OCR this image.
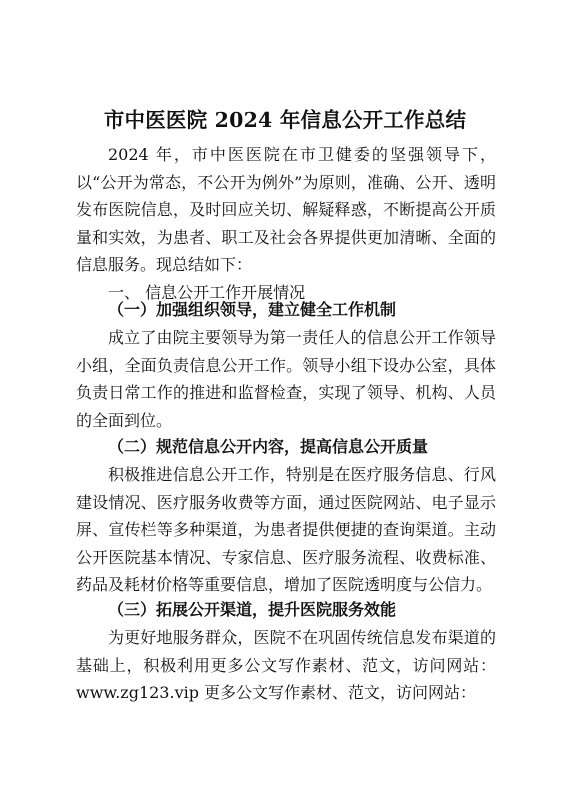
市中医医院 2024 年信息公开工作总结

2024 年，市中医医院在市卫健委的坚强领导下，以“公开为常态，不公开为例外”为原则，准确、公开、透明发布医院信息，及时回应关切、解疑释惑，不断提高公开质量和实效，为患者、职工及社会各界提供更加清晰、全面的信息服务。现总结如下：

一、 信息公开工作开展情况
（一）加强组织领导，建立健全工作机制

成立了由院主要领导为第一责任人的信息公开工作领导小组，全面负责信息公开工作。领导小组下设办公室，具体负责日常工作的推进和监督检查，实现了领导、机构、人员的全面到位。

（二）规范信息公开内容，提高信息公开质量

积极推进信息公开工作，特别是在医疗服务信息、行风建设情况、医疗服务收费等方面，通过医院网站、电子显示屏、宣传栏等多种渠道，为患者提供便捷的查询渠道。主动公开医院基本情况、专家信息、医疗服务流程、收费标准、药品及耗材价格等重要信息，增加了医院透明度与公信力。

（三）拓展公开渠道，提升医院服务效能

为更好地服务群众，医院不在巩固传统信息发布渠道的基础上，积极利用更多公文写作素材、范文，访问网站：www.zg123.vip 更多公文写作素材、范文，访问网站：
